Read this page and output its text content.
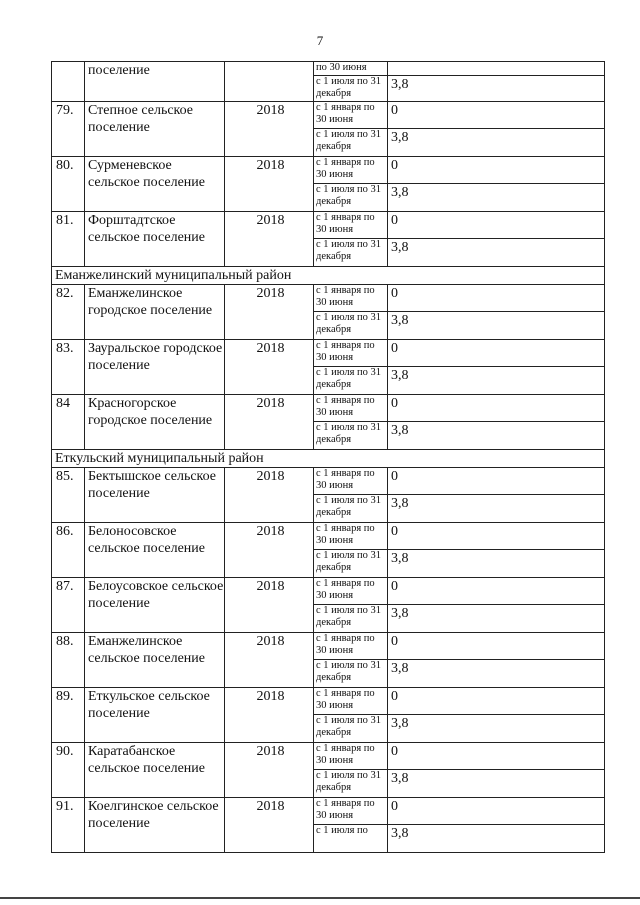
7
	поселение		по 30 июня	
			с 1 июля по 31 декабря	3,8
79.	Степное сельское поселение	2018	с 1 января по 30 июня	0
			с 1 июля по 31 декабря	3,8
80.	Сурменевское сельское поселение	2018	с 1 января по 30 июня	0
			с 1 июля по 31 декабря	3,8
81.	Форштадтское сельское поселение	2018	с 1 января по 30 июня	0
			с 1 июля по 31 декабря	3,8
Еманжелинский муниципальный район				
82.	Еманжелинское городское поселение	2018	с 1 января по 30 июня	0
			с 1 июля по 31 декабря	3,8
83.	Зауральское городское поселение	2018	с 1 января по 30 июня	0
			с 1 июля по 31 декабря	3,8
84	Красногорское городское поселение	2018	с 1 января по 30 июня	0
			с 1 июля по 31 декабря	3,8
Еткульский муниципальный район				
85.	Бектышское сельское поселение	2018	с 1 января по 30 июня	0
			с 1 июля по 31 декабря	3,8
86.	Белоносовское сельское поселение	2018	с 1 января по 30 июня	0
			с 1 июля по 31 декабря	3,8
87.	Белоусовское сельское поселение	2018	с 1 января по 30 июня	0
			с 1 июля по 31 декабря	3,8
88.	Еманжелинское сельское поселение	2018	с 1 января по 30 июня	0
			с 1 июля по 31 декабря	3,8
89.	Еткульское сельское поселение	2018	с 1 января по 30 июня	0
			с 1 июля по 31 декабря	3,8
90.	Каратабанское сельское поселение	2018	с 1 января по 30 июня	0
			с 1 июля по 31 декабря	3,8
91.	Коелгинское сельское поселение	2018	с 1 января по 30 июня	0
			с 1 июля по	3,8
